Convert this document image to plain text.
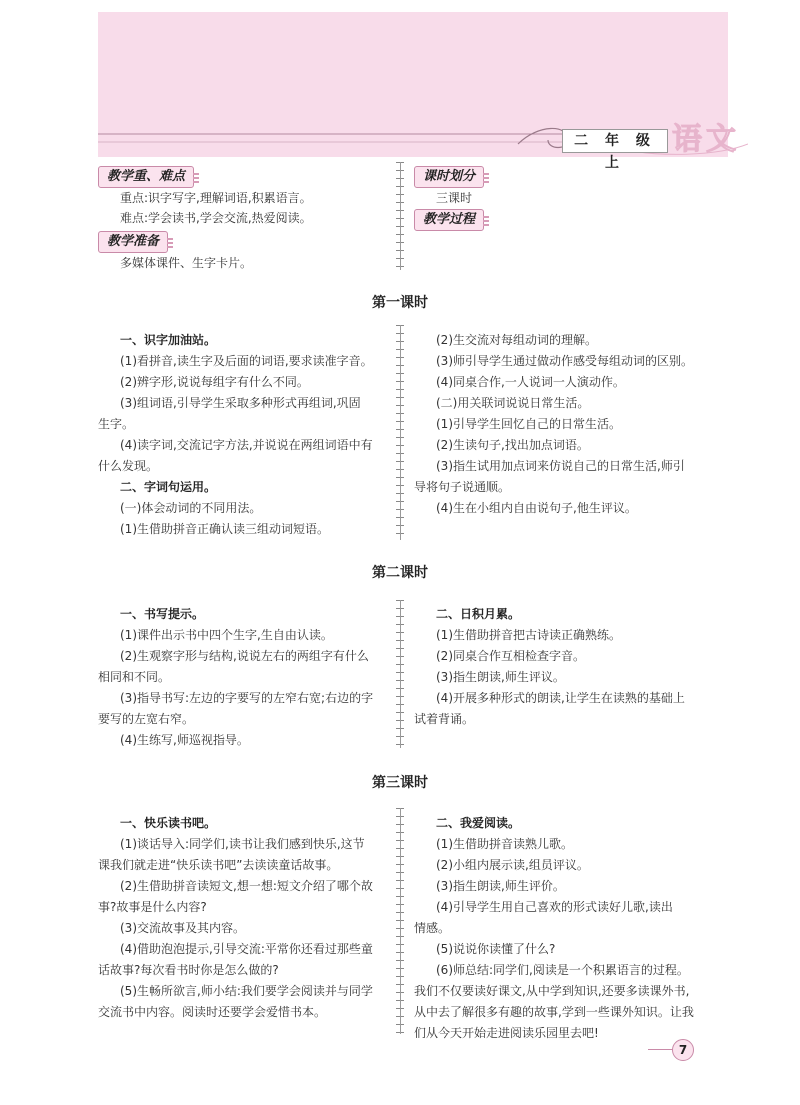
二 年 级 上
语文
教学重、难点
重点:识字写字,理解词语,积累语言。
难点:学会读书,学会交流,热爱阅读。
教学准备
多媒体课件、生字卡片。
课时划分
三课时
教学过程
第一课时
一、识字加油站。
(1)看拼音,读生字及后面的词语,要求读准字音。
(2)辨字形,说说每组字有什么不同。
(3)组词语,引导学生采取多种形式再组词,巩固
生字。
(4)读字词,交流记字方法,并说说在两组词语中有
什么发现。
二、字词句运用。
(一)体会动词的不同用法。
(1)生借助拼音正确认读三组动词短语。
(2)生交流对每组动词的理解。
(3)师引导学生通过做动作感受每组动词的区别。
(4)同桌合作,一人说词一人演动作。
(二)用关联词说说日常生活。
(1)引导学生回忆自己的日常生活。
(2)生读句子,找出加点词语。
(3)指生试用加点词来仿说自己的日常生活,师引
导将句子说通顺。
(4)生在小组内自由说句子,他生评议。
第二课时
一、书写提示。
(1)课件出示书中四个生字,生自由认读。
(2)生观察字形与结构,说说左右的两组字有什么
相同和不同。
(3)指导书写:左边的字要写的左窄右宽;右边的字
要写的左宽右窄。
(4)生练写,师巡视指导。
二、日积月累。
(1)生借助拼音把古诗读正确熟练。
(2)同桌合作互相检查字音。
(3)指生朗读,师生评议。
(4)开展多种形式的朗读,让学生在读熟的基础上
试着背诵。
第三课时
一、快乐读书吧。
(1)谈话导入:同学们,读书让我们感到快乐,这节
课我们就走进“快乐读书吧”去读读童话故事。
(2)生借助拼音读短文,想一想:短文介绍了哪个故
事?故事是什么内容?
(3)交流故事及其内容。
(4)借助泡泡提示,引导交流:平常你还看过那些童
话故事?每次看书时你是怎么做的?
(5)生畅所欲言,师小结:我们要学会阅读并与同学
交流书中内容。阅读时还要学会爱惜书本。
二、我爱阅读。
(1)生借助拼音读熟儿歌。
(2)小组内展示读,组员评议。
(3)指生朗读,师生评价。
(4)引导学生用自己喜欢的形式读好儿歌,读出
情感。
(5)说说你读懂了什么?
(6)师总结:同学们,阅读是一个积累语言的过程。
我们不仅要读好课文,从中学到知识,还要多读课外书,
从中去了解很多有趣的故事,学到一些课外知识。让我
们从今天开始走进阅读乐园里去吧!
7
